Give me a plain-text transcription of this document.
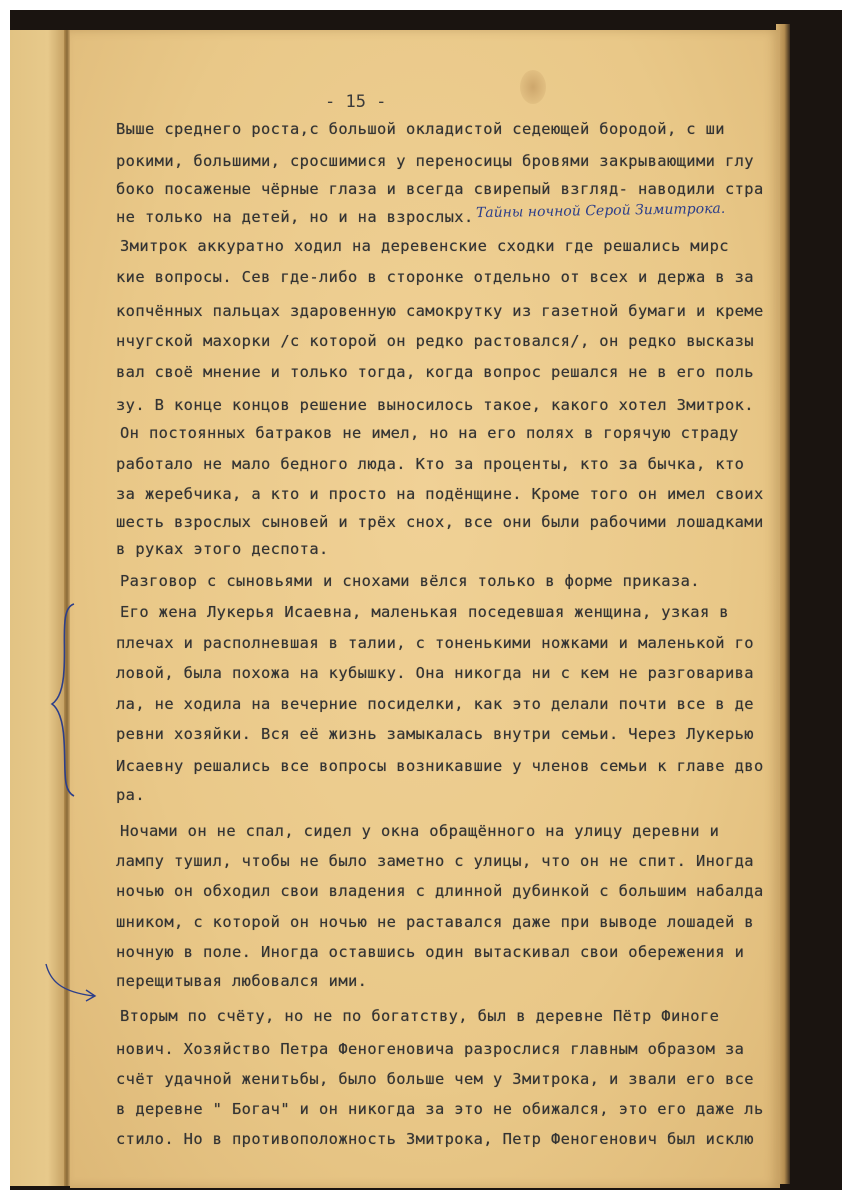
- 15 -
Выше среднего роста,с большой окладистой седеющей бородой, с ши
рокими, большими, сросшимися у переносицы бровями закрывающими глу
боко посаженые чёрные глаза и всегда свирепый взгляд- наводили стра
не только на детей, но и на взрослых. Тайны ночной Серой Зимитрока.
Змитрок аккуратно ходил на деревенские сходки где решались мирс
кие вопросы. Сев где-либо в сторонке отдельно от всех и держа в за
копчённых пальцах здаровенную самокрутку из газетной бумаги и креме
нчугской махорки /с которой он редко растовался/, он редко высказы
вал своё мнение и только тогда, когда вопрос решался не в его поль
зу. В конце концов решение выносилось такое, какого хотел Змитрок.
Он постоянных батраков не имел, но на его полях в горячую страду
работало не мало бедного люда. Кто за проценты, кто за бычка, кто
за жеребчика, а кто и просто на подёнщине. Кроме того он имел своих
шесть взрослых сыновей и трёх снох, все они были рабочими лошадками
в руках этого деспота.
Разговор с сыновьями и снохами вёлся только в форме приказа.
Его жена Лукерья Исаевна, маленькая поседевшая женщина, узкая в
плечах и располневшая в талии, с тоненькими ножками и маленькой го
ловой, была похожа на кубышку. Она никогда ни с кем не разговарива
ла, не ходила на вечерние посиделки, как это делали почти все в де
ревни хозяйки. Вся её жизнь замыкалась внутри семьи. Через Лукерью
Исаевну решались все вопросы возникавшие у членов семьи к главе дво
ра.
Ночами он не спал, сидел у окна обращённого на улицу деревни и
лампу тушил, чтобы не было заметно с улицы, что он не спит. Иногда
ночью он обходил свои владения с длинной дубинкой с большим набалда
шником, с которой он ночью не раставался даже при выводе лошадей в
ночную в поле. Иногда оставшись один вытаскивал свои обережения и
перещитывая любовался ими.
Вторым по счёту, но не по богатству, был в деревне Пётр Финоге
нович. Хозяйство Петра Феногеновича разрослися главным образом за
счёт удачной женитьбы, было больше чем у Змитрока, и звали его все
в деревне " Богач" и он никогда за это не обижался, это его даже ль
стило. Но в противоположность Змитрока, Петр Феногенович был исклю
